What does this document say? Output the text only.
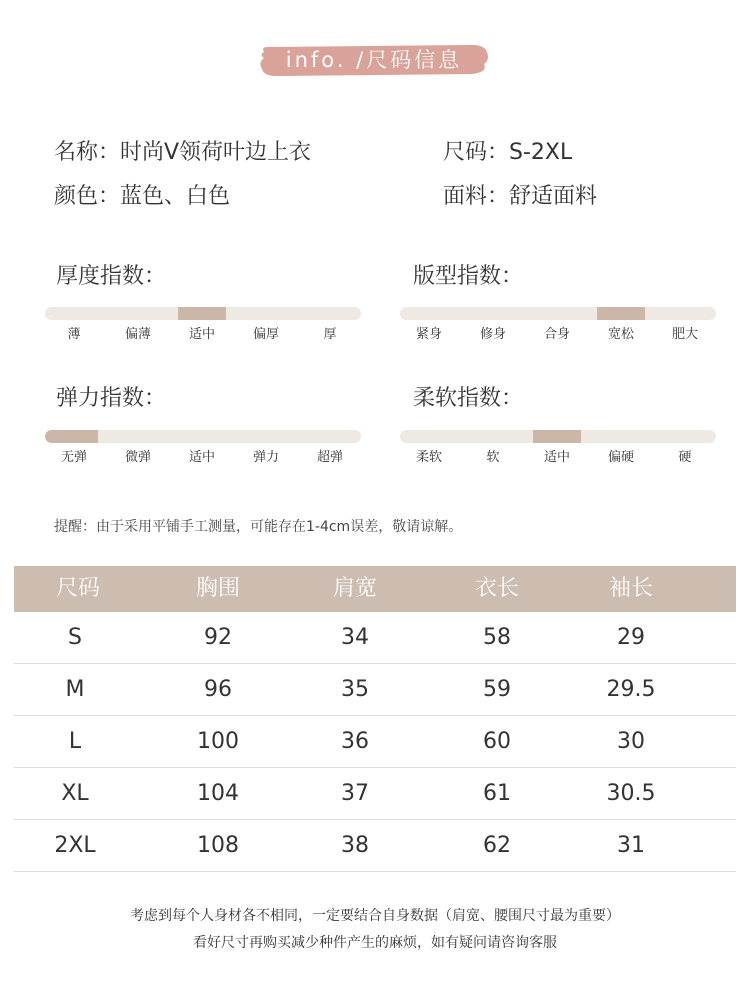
info. /尺码信息
名称：时尚V领荷叶边上衣	尺码：S-2XL
颜色：蓝色、白色	面料：舒适面料
厚度指数：
薄	偏薄	适中	偏厚	厚
版型指数：
紧身	修身	合身	宽松	肥大
弹力指数：
无弹	微弹	适中	弹力	超弹
柔软指数：
柔软	软	适中	偏硬	硬
提醒：由于采用平铺手工测量，可能存在1-4cm误差，敬请谅解。
尺码	胸围	肩宽	衣长	袖长
S	92	34	58	29
M	96	35	59	29.5
L	100	36	60	30
XL	104	37	61	30.5
2XL	108	38	62	31
考虑到每个人身材各不相同，一定要结合自身数据（肩宽、腰围尺寸最为重要）
看好尺寸再购买减少种件产生的麻烦，如有疑问请咨询客服
